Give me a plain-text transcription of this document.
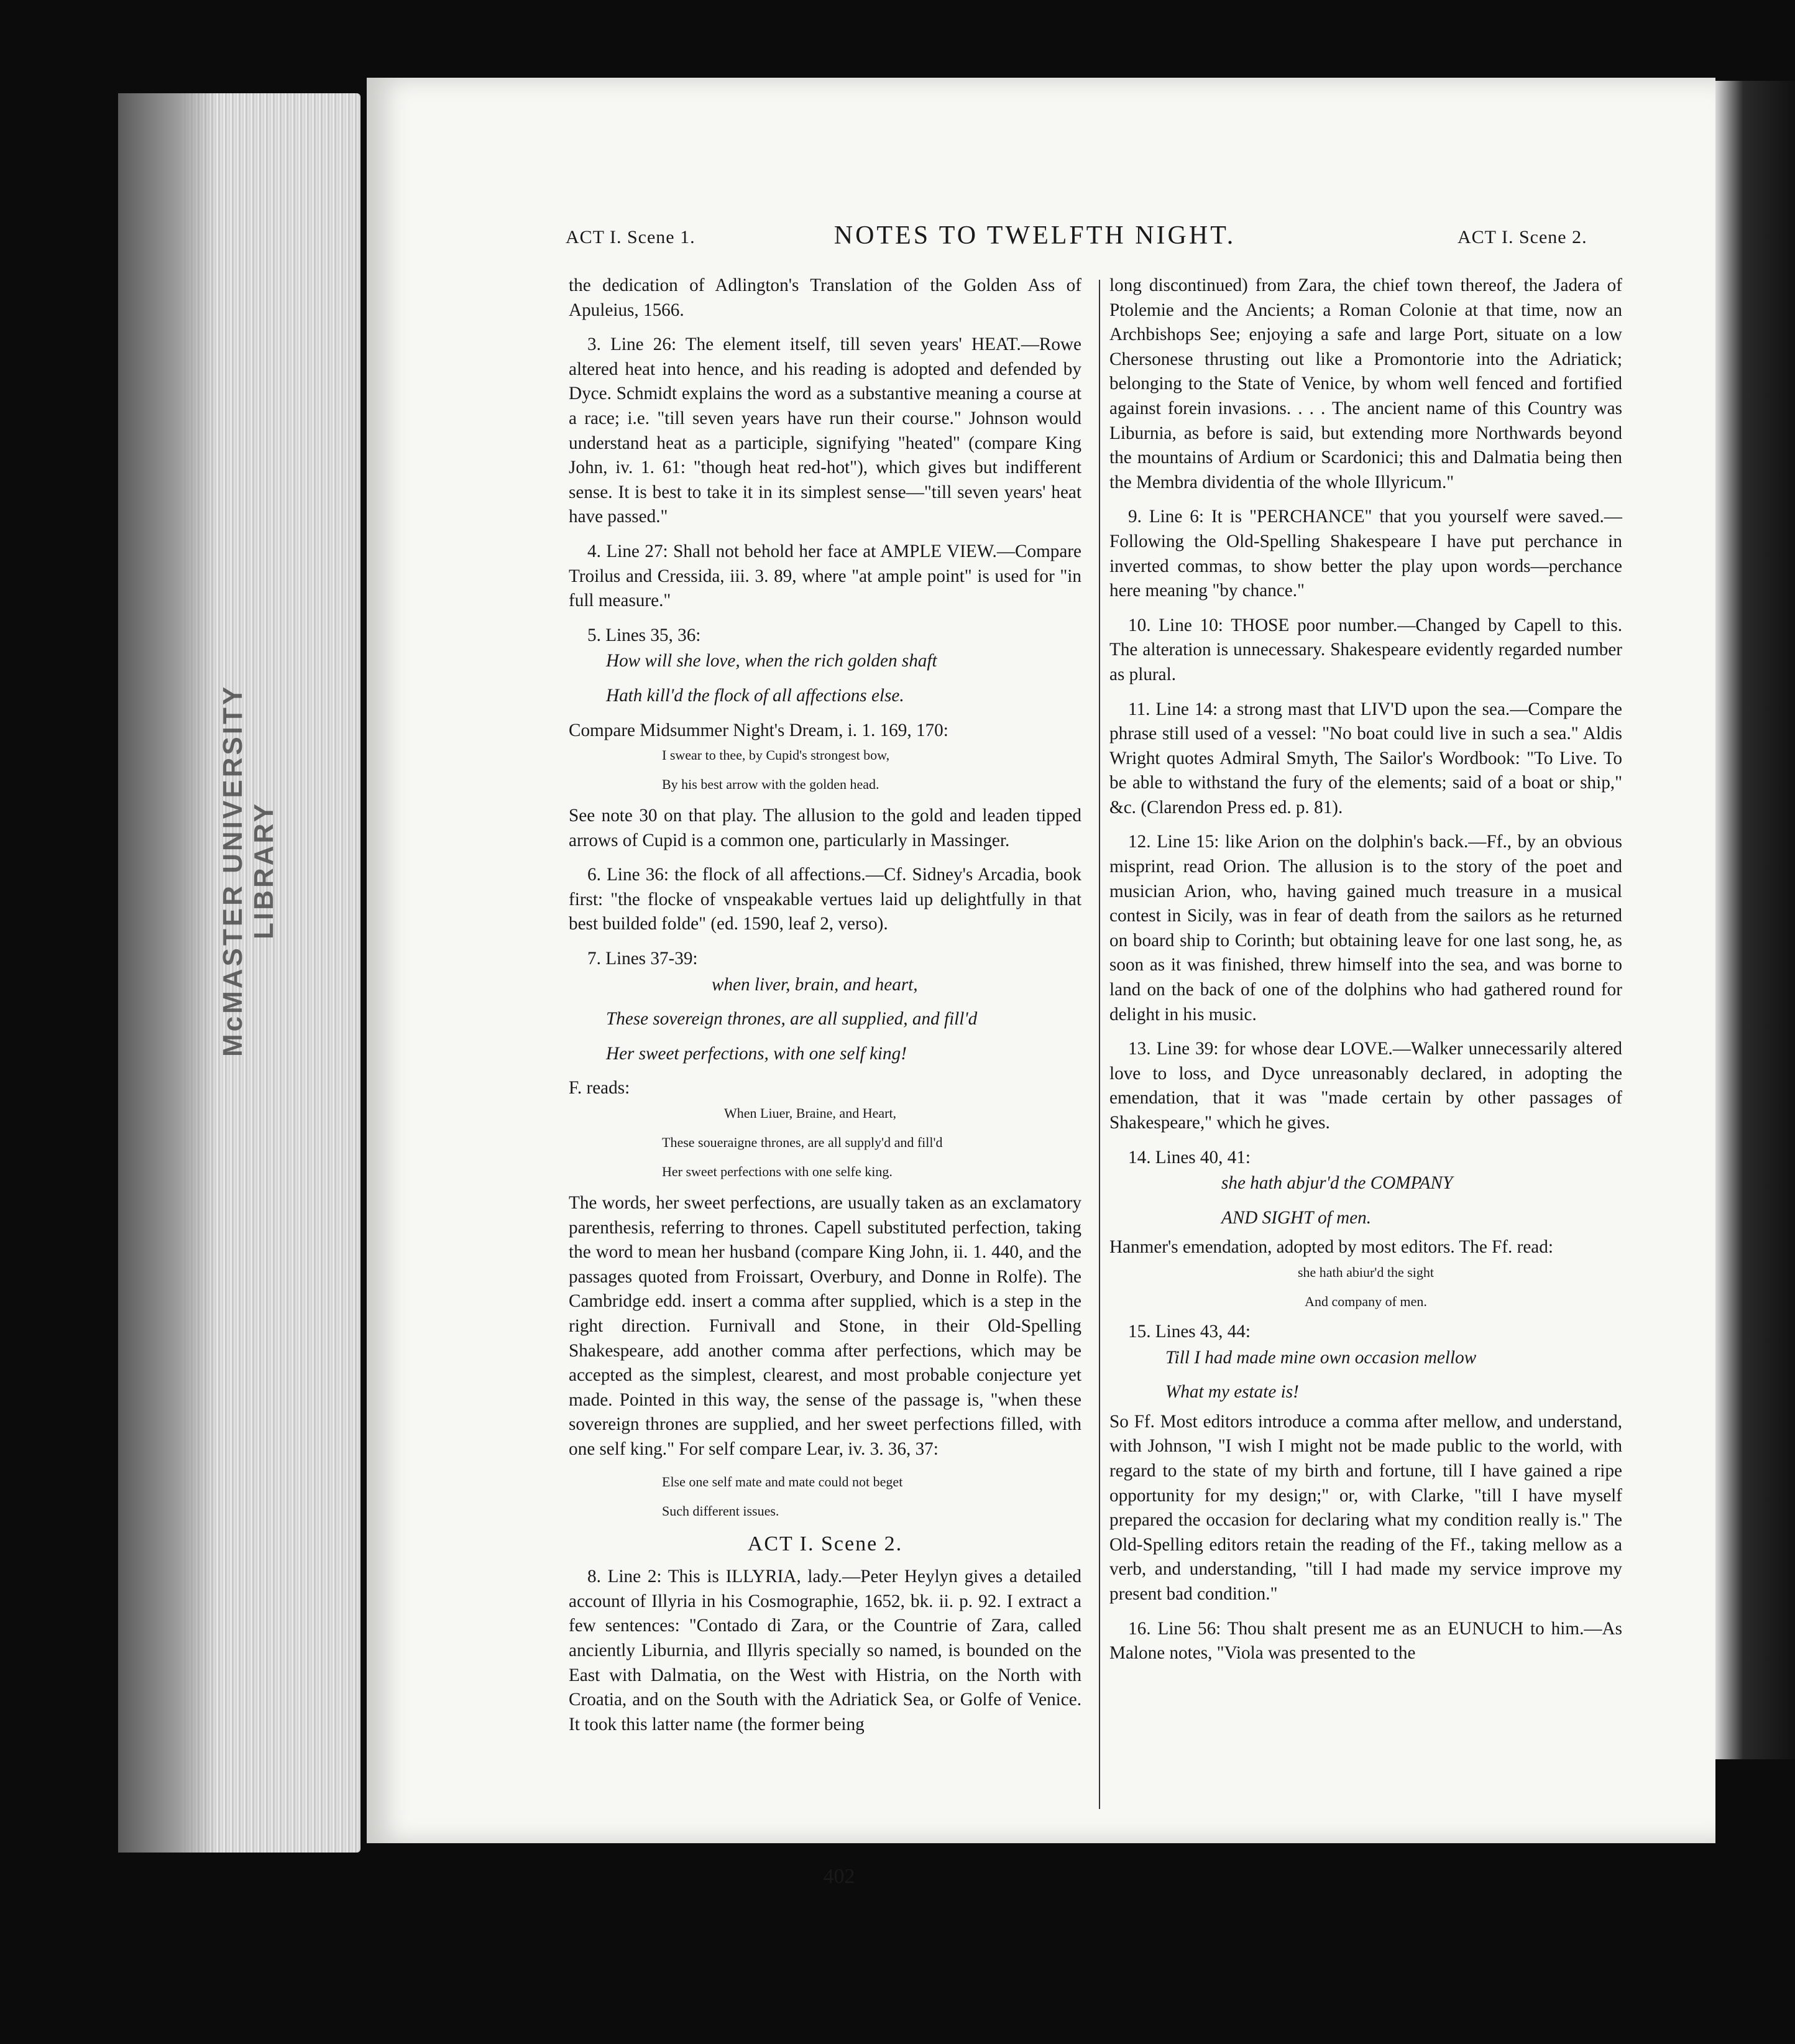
McMASTER UNIVERSITY LIBRARY
ACT I. Scene 1.	NOTES TO TWELFTH NIGHT.	ACT I. Scene 2.

the dedication of Adlington's Translation of the Golden Ass of Apuleius, 1566.

3. Line 26: The element itself, till seven years' HEAT.—Rowe altered heat into hence, and his reading is adopted and defended by Dyce. Schmidt explains the word as a substantive meaning a course at a race; i.e. "till seven years have run their course." Johnson would understand heat as a participle, signifying "heated" (compare King John, iv. 1. 61: "though heat red-hot"), which gives but indifferent sense. It is best to take it in its simplest sense—"till seven years' heat have passed."

4. Line 27: Shall not behold her face at AMPLE VIEW.—Compare Troilus and Cressida, iii. 3. 89, where "at ample point" is used for "in full measure."

5. Lines 35, 36:

How will she love, when the rich golden shaft

Hath kill'd the flock of all affections else.

Compare Midsummer Night's Dream, i. 1. 169, 170:

I swear to thee, by Cupid's strongest bow,

By his best arrow with the golden head.

See note 30 on that play. The allusion to the gold and leaden tipped arrows of Cupid is a common one, particularly in Massinger.

6. Line 36: the flock of all affections.—Cf. Sidney's Arcadia, book first: "the flocke of vnspeakable vertues laid up delightfully in that best builded folde" (ed. 1590, leaf 2, verso).

7. Lines 37-39:

when liver, brain, and heart,

These sovereign thrones, are all supplied, and fill'd

Her sweet perfections, with one self king!

F. reads:

When Liuer, Braine, and Heart,

These soueraigne thrones, are all supply'd and fill'd

Her sweet perfections with one selfe king.

The words, her sweet perfections, are usually taken as an exclamatory parenthesis, referring to thrones. Capell substituted perfection, taking the word to mean her husband (compare King John, ii. 1. 440, and the passages quoted from Froissart, Overbury, and Donne in Rolfe). The Cambridge edd. insert a comma after supplied, which is a step in the right direction. Furnivall and Stone, in their Old-Spelling Shakespeare, add another comma after perfections, which may be accepted as the simplest, clearest, and most probable conjecture yet made. Pointed in this way, the sense of the passage is, "when these sovereign thrones are supplied, and her sweet perfections filled, with one self king." For self compare Lear, iv. 3. 36, 37:

Else one self mate and mate could not beget

Such different issues.

ACT I. Scene 2.

8. Line 2: This is ILLYRIA, lady.—Peter Heylyn gives a detailed account of Illyria in his Cosmographie, 1652, bk. ii. p. 92. I extract a few sentences: "Contado di Zara, or the Countrie of Zara, called anciently Liburnia, and Illyris specially so named, is bounded on the East with Dalmatia, on the West with Histria, on the North with Croatia, and on the South with the Adriatick Sea, or Golfe of Venice. It took this latter name (the former being

long discontinued) from Zara, the chief town thereof, the Jadera of Ptolemie and the Ancients; a Roman Colonie at that time, now an Archbishops See; enjoying a safe and large Port, situate on a low Chersonese thrusting out like a Promontorie into the Adriatick; belonging to the State of Venice, by whom well fenced and fortified against forein invasions. . . . The ancient name of this Country was Liburnia, as before is said, but extending more Northwards beyond the mountains of Ardium or Scardonici; this and Dalmatia being then the Membra dividentia of the whole Illyricum."

9. Line 6: It is "PERCHANCE" that you yourself were saved.—Following the Old-Spelling Shakespeare I have put perchance in inverted commas, to show better the play upon words—perchance here meaning "by chance."

10. Line 10: THOSE poor number.—Changed by Capell to this. The alteration is unnecessary. Shakespeare evidently regarded number as plural.

11. Line 14: a strong mast that LIV'D upon the sea.—Compare the phrase still used of a vessel: "No boat could live in such a sea." Aldis Wright quotes Admiral Smyth, The Sailor's Wordbook: "To Live. To be able to withstand the fury of the elements; said of a boat or ship," &c. (Clarendon Press ed. p. 81).

12. Line 15: like Arion on the dolphin's back.—Ff., by an obvious misprint, read Orion. The allusion is to the story of the poet and musician Arion, who, having gained much treasure in a musical contest in Sicily, was in fear of death from the sailors as he returned on board ship to Corinth; but obtaining leave for one last song, he, as soon as it was finished, threw himself into the sea, and was borne to land on the back of one of the dolphins who had gathered round for delight in his music.

13. Line 39: for whose dear LOVE.—Walker unnecessarily altered love to loss, and Dyce unreasonably declared, in adopting the emendation, that it was "made certain by other passages of Shakespeare," which he gives.

14. Lines 40, 41:

she hath abjur'd the COMPANY

AND SIGHT of men.

Hanmer's emendation, adopted by most editors. The Ff. read:

she hath abiur'd the sight

And company of men.

15. Lines 43, 44:

Till I had made mine own occasion mellow

What my estate is!

So Ff. Most editors introduce a comma after mellow, and understand, with Johnson, "I wish I might not be made public to the world, with regard to the state of my birth and fortune, till I have gained a ripe opportunity for my design;" or, with Clarke, "till I have myself prepared the occasion for declaring what my condition really is." The Old-Spelling editors retain the reading of the Ff., taking mellow as a verb, and understanding, "till I had made my service improve my present bad condition."

16. Line 56: Thou shalt present me as an EUNUCH to him.—As Malone notes, "Viola was presented to the

402
